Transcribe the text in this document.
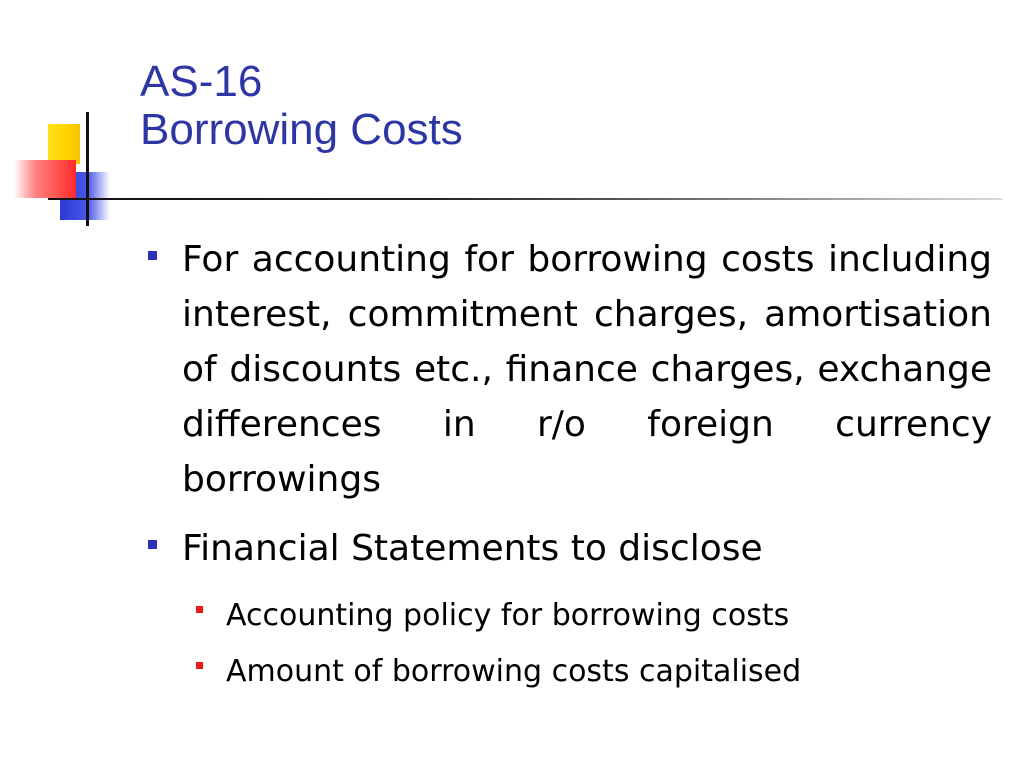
AS-16
Borrowing Costs
For accounting for borrowing costs including interest, commitment charges, amortisation of discounts etc., finance charges, exchange differences in r/o foreign currency borrowings
Financial Statements to disclose
Accounting policy for borrowing costs
Amount of borrowing costs capitalised
